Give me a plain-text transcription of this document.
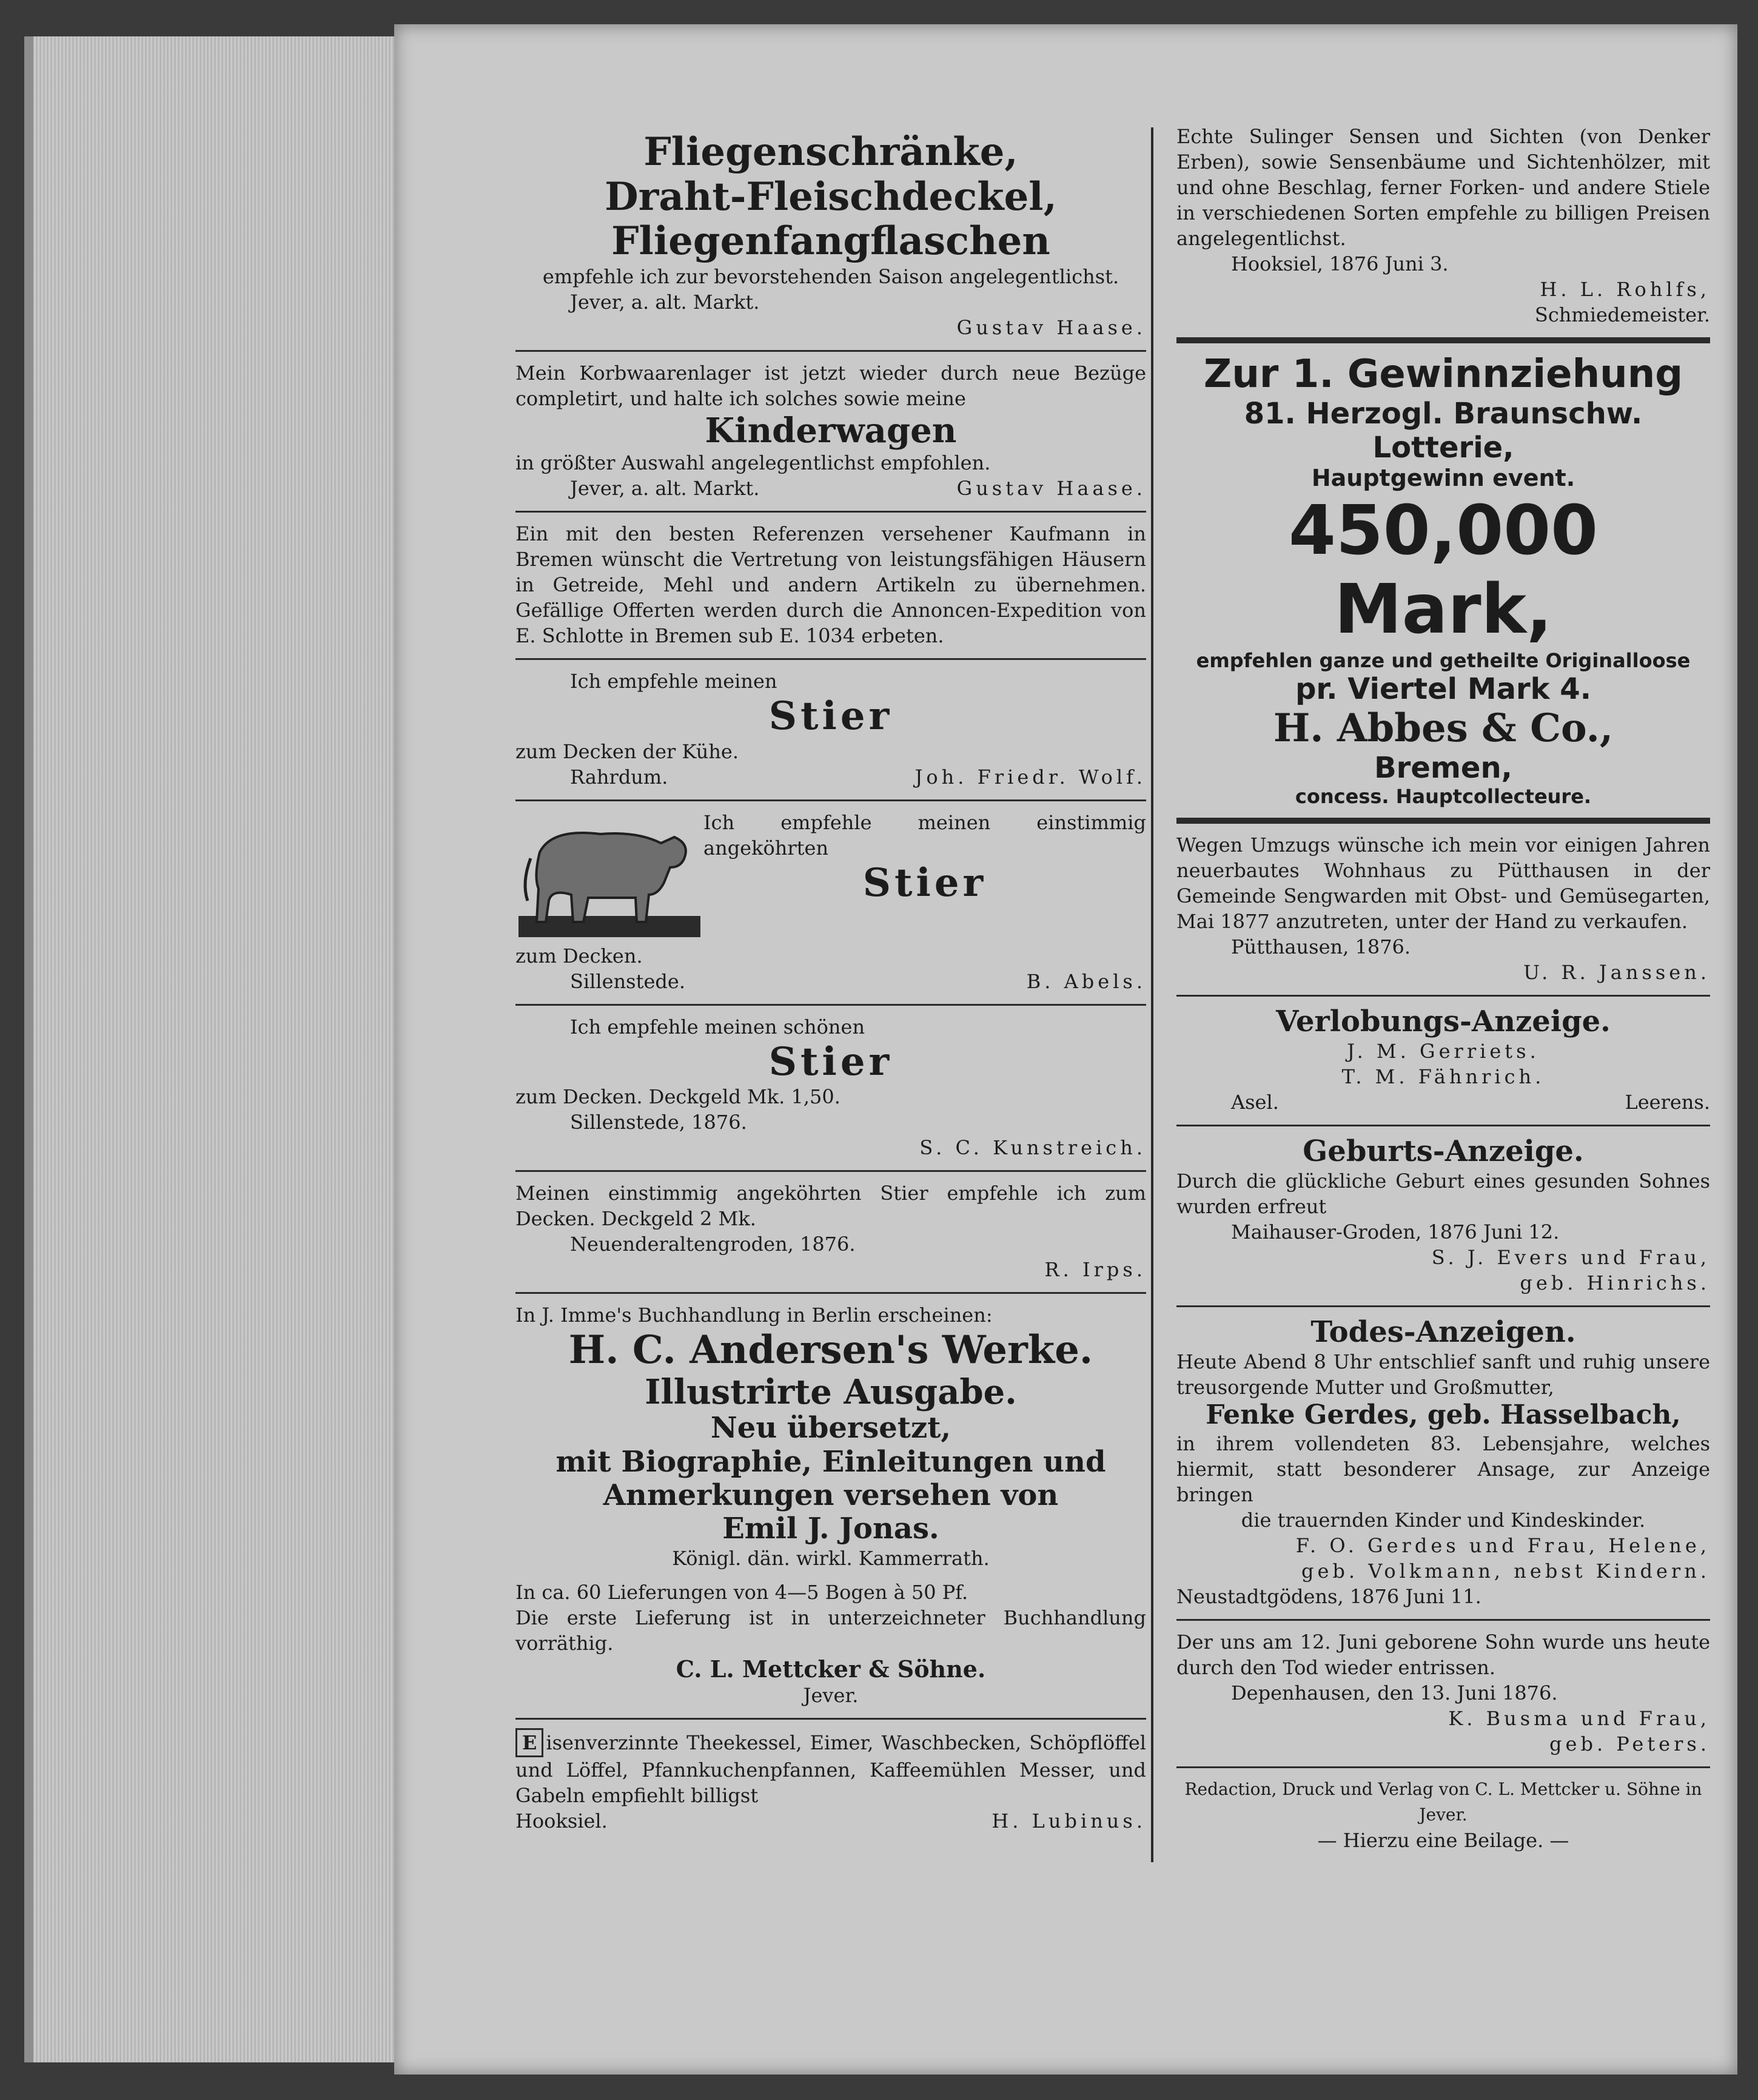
Fliegenschränke,
Draht-Fleischdeckel,
Fliegenfangflaschen
empfehle ich zur bevorstehenden Saison angelegentlichst.
Jever, a. alt. Markt.
Gustav Haase.
Mein Korbwaarenlager ist jetzt wieder durch neue Bezüge completirt, und halte ich solches sowie meine
Kinderwagen
in größter Auswahl angelegentlichst empfohlen.
Jever, a. alt. Markt.	Gustav Haase.
Ein mit den besten Referenzen versehener Kaufmann in Bremen wünscht die Vertretung von leistungsfähigen Häusern in Getreide, Mehl und andern Artikeln zu übernehmen. Gefällige Offerten werden durch die Annoncen-Expedition von E. Schlotte in Bremen sub E. 1034 erbeten.
Ich empfehle meinen
Stier
zum Decken der Kühe.
Rahrdum.	Joh. Friedr. Wolf.
Ich empfehle meinen einstimmig angeköhrten
Stier
zum Decken.
Sillenstede.	B. Abels.
Ich empfehle meinen schönen
Stier
zum Decken. Deckgeld Mk. 1,50.
Sillenstede, 1876.
S. C. Kunstreich.
Meinen einstimmig angeköhrten Stier empfehle ich zum Decken. Deckgeld 2 Mk.
Neuenderaltengroden, 1876.
R. Irps.
In J. Imme's Buchhandlung in Berlin erscheinen:
H. C. Andersen's Werke.
Illustrirte Ausgabe.
Neu übersetzt,
mit Biographie, Einleitungen und
Anmerkungen versehen von
Emil J. Jonas.
Königl. dän. wirkl. Kammerrath.
In ca. 60 Lieferungen von 4—5 Bogen à 50 Pf.
Die erste Lieferung ist in unterzeichneter Buchhandlung vorräthig.
C. L. Mettcker & Söhne.
Jever.
E isenverzinnte Theekessel, Eimer, Waschbecken, Schöpflöffel und Löffel, Pfannkuchenpfannen, Kaffeemühlen Messer, und Gabeln empfiehlt billigst
Hooksiel.	H. Lubinus.
Echte Sulinger Sensen und Sichten (von Denker Erben), sowie Sensenbäume und Sichtenhölzer, mit und ohne Beschlag, ferner Forken- und andere Stiele in verschiedenen Sorten empfehle zu billigen Preisen angelegentlichst.
Hooksiel, 1876 Juni 3.
H. L. Rohlfs,
Schmiedemeister.
Zur 1. Gewinnziehung
81. Herzogl. Braunschw. Lotterie,
Hauptgewinn event.
450,000 Mark,
empfehlen ganze und getheilte Originalloose
pr. Viertel Mark 4.
H. Abbes & Co.,
Bremen,
concess. Hauptcollecteure.
Wegen Umzugs wünsche ich mein vor einigen Jahren neuerbautes Wohnhaus zu Pütthausen in der Gemeinde Sengwarden mit Obst- und Gemüsegarten, Mai 1877 anzutreten, unter der Hand zu verkaufen.
Pütthausen, 1876.
U. R. Janssen.
Verlobungs-Anzeige.
J. M. Gerriets.
T. M. Fähnrich.
Asel.	Leerens.
Geburts-Anzeige.
Durch die glückliche Geburt eines gesunden Sohnes wurden erfreut
Maihauser-Groden, 1876 Juni 12.
S. J. Evers und Frau,
geb. Hinrichs.
Todes-Anzeigen.
Heute Abend 8 Uhr entschlief sanft und ruhig unsere treusorgende Mutter und Großmutter,
Fenke Gerdes, geb. Hasselbach,
in ihrem vollendeten 83. Lebensjahre, welches hiermit, statt besonderer Ansage, zur Anzeige bringen
die trauernden Kinder und Kindeskinder.
F. O. Gerdes und Frau, Helene,
geb. Volkmann, nebst Kindern.
Neustadtgödens, 1876 Juni 11.
Der uns am 12. Juni geborene Sohn wurde uns heute durch den Tod wieder entrissen.
Depenhausen, den 13. Juni 1876.
K. Busma und Frau,
geb. Peters.
Redaction, Druck und Verlag von C. L. Mettcker u. Söhne in Jever.
— Hierzu eine Beilage. —
